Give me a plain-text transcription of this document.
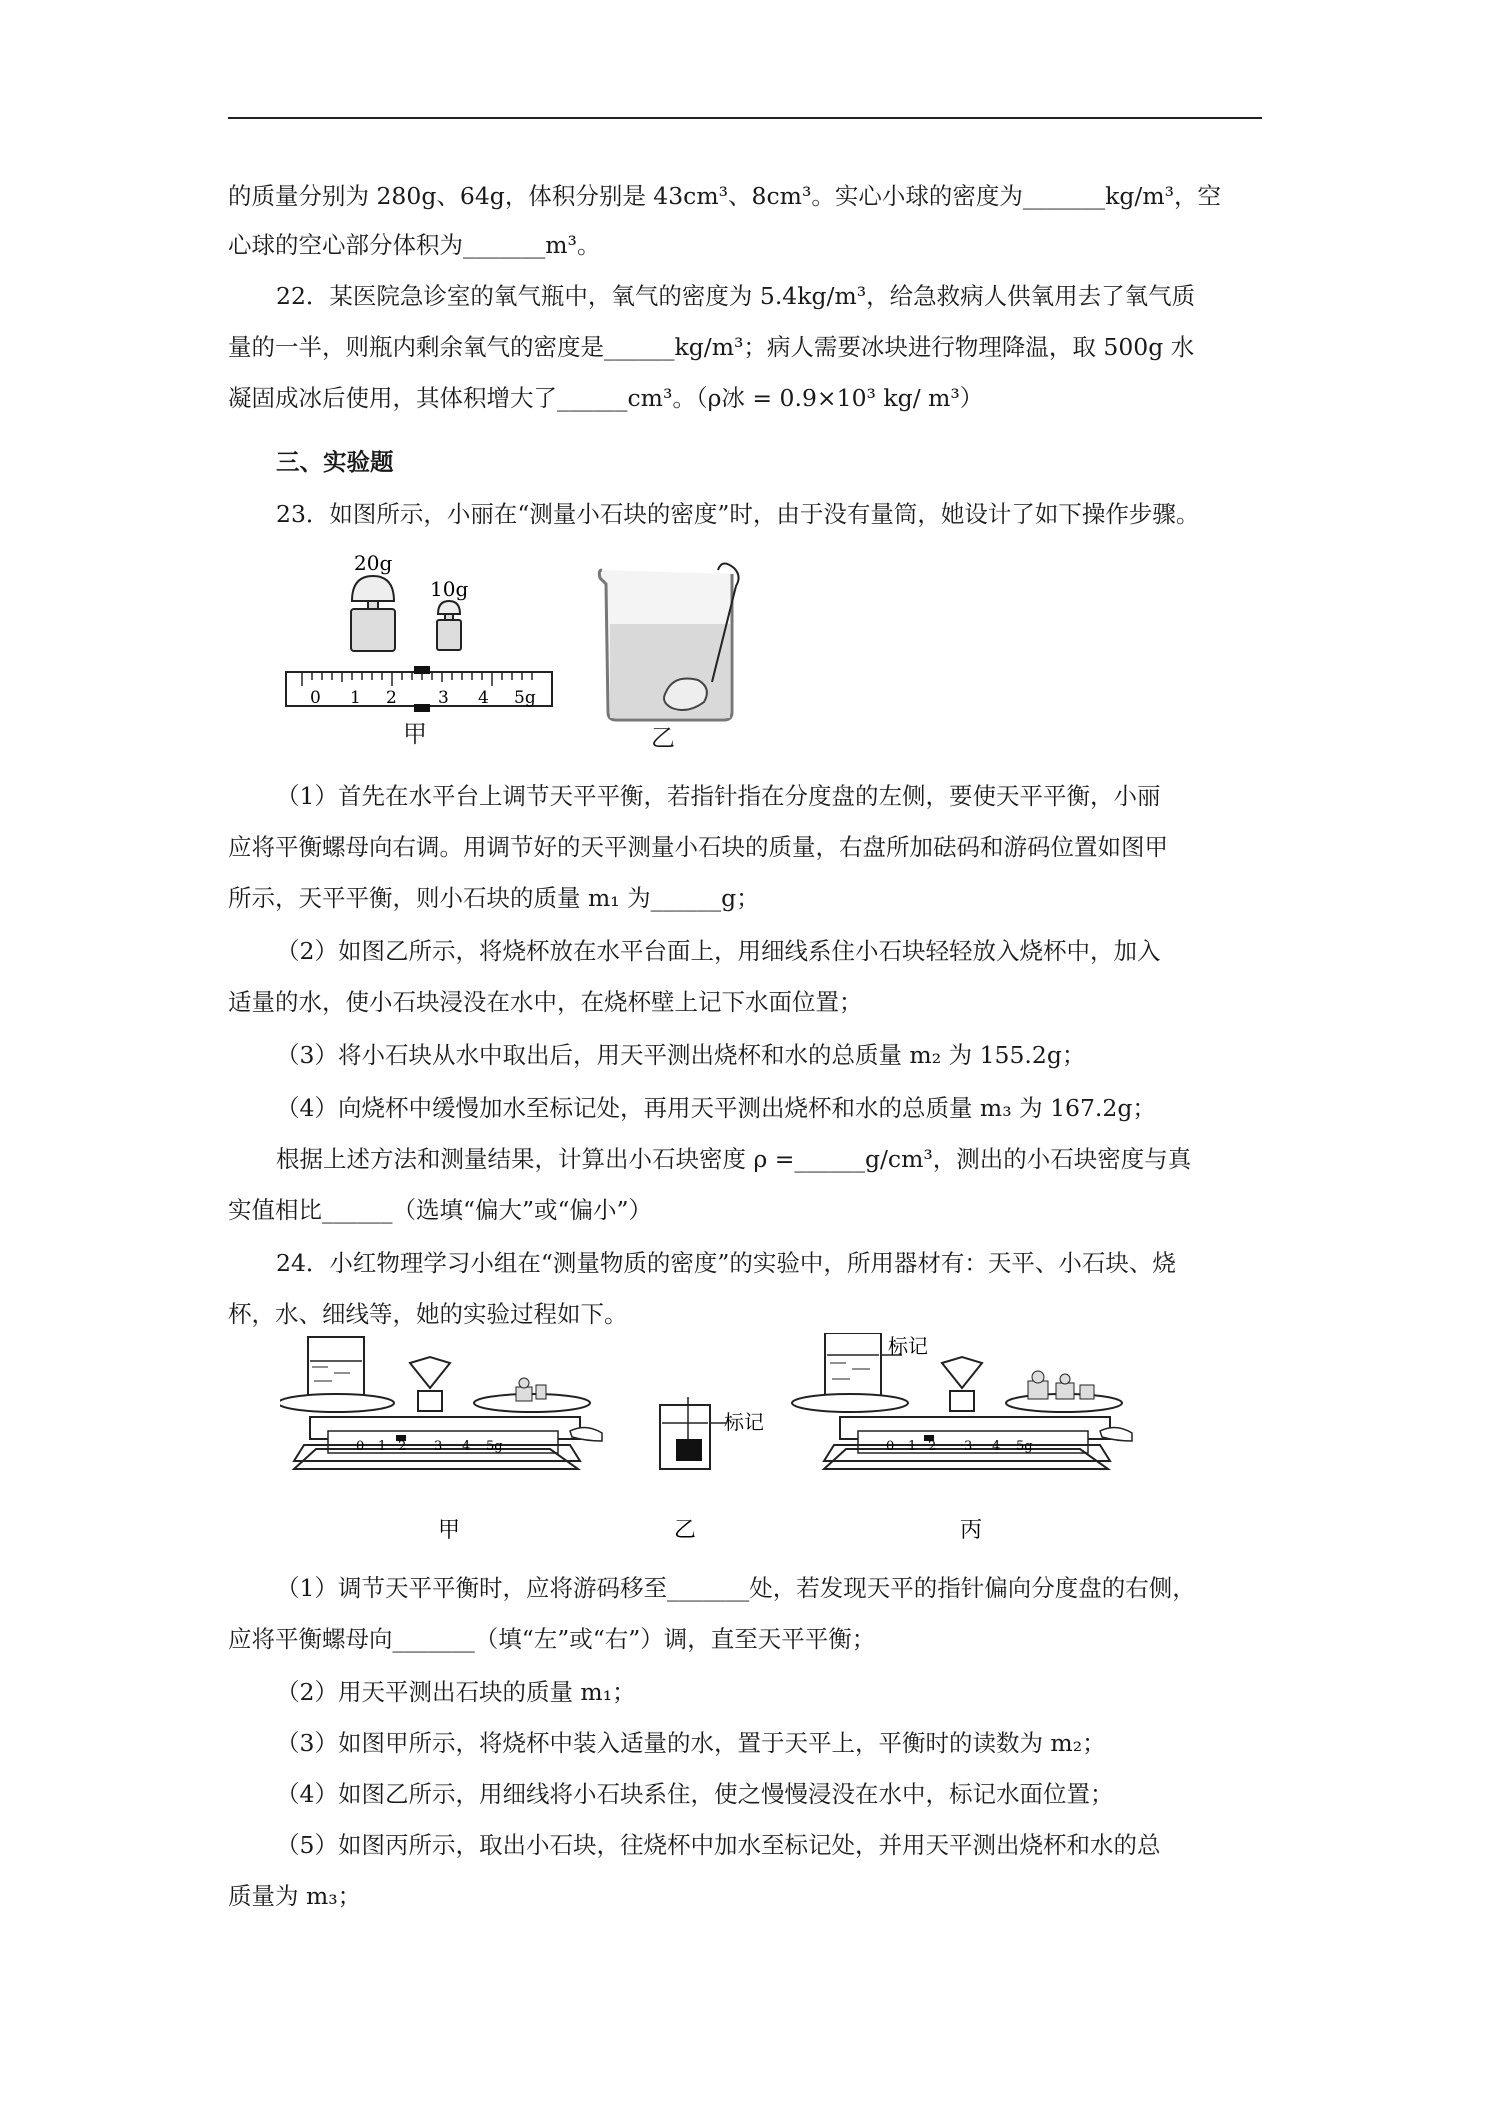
的质量分别为 280g、64g，体积分别是 43cm³、8cm³。实心小球的密度为_______kg/m³，空
心球的空心部分体积为_______m³。
22．某医院急诊室的氧气瓶中，氧气的密度为 5.4kg/m³，给急救病人供氧用去了氧气质
量的一半，则瓶内剩余氧气的密度是______kg/m³；病人需要冰块进行物理降温，取 500g 水
凝固成冰后使用，其体积增大了______cm³。（ρ冰 = 0.9×10³ kg/ m³）
三、实验题
23．如图所示，小丽在“测量小石块的密度”时，由于没有量筒，她设计了如下操作步骤。
20g
10g
0 1 2 3 4 5g
甲	乙
（1）首先在水平台上调节天平平衡，若指针指在分度盘的左侧，要使天平平衡，小丽
应将平衡螺母向右调。用调节好的天平测量小石块的质量，右盘所加砝码和游码位置如图甲
所示，天平平衡，则小石块的质量 m₁ 为______g；
（2）如图乙所示，将烧杯放在水平台面上，用细线系住小石块轻轻放入烧杯中，加入
适量的水，使小石块浸没在水中，在烧杯壁上记下水面位置；
（3）将小石块从水中取出后，用天平测出烧杯和水的总质量 m₂ 为 155.2g；
（4）向烧杯中缓慢加水至标记处，再用天平测出烧杯和水的总质量 m₃ 为 167.2g；
根据上述方法和测量结果，计算出小石块密度 ρ =______g/cm³，测出的小石块密度与真
实值相比______（选填“偏大”或“偏小”）
24．小红物理学习小组在“测量物质的密度”的实验中，所用器材有：天平、小石块、烧
杯，水、细线等，她的实验过程如下。
0 1 2 3 4 5g
标记
标记
0 1 2 3 4 5g
甲	乙	丙
（1）调节天平平衡时，应将游码移至_______处，若发现天平的指针偏向分度盘的右侧，
应将平衡螺母向_______（填“左”或“右”）调，直至天平平衡；
（2）用天平测出石块的质量 m₁；
（3）如图甲所示，将烧杯中装入适量的水，置于天平上，平衡时的读数为 m₂；
（4）如图乙所示，用细线将小石块系住，使之慢慢浸没在水中，标记水面位置；
（5）如图丙所示，取出小石块，往烧杯中加水至标记处，并用天平测出烧杯和水的总
质量为 m₃；
